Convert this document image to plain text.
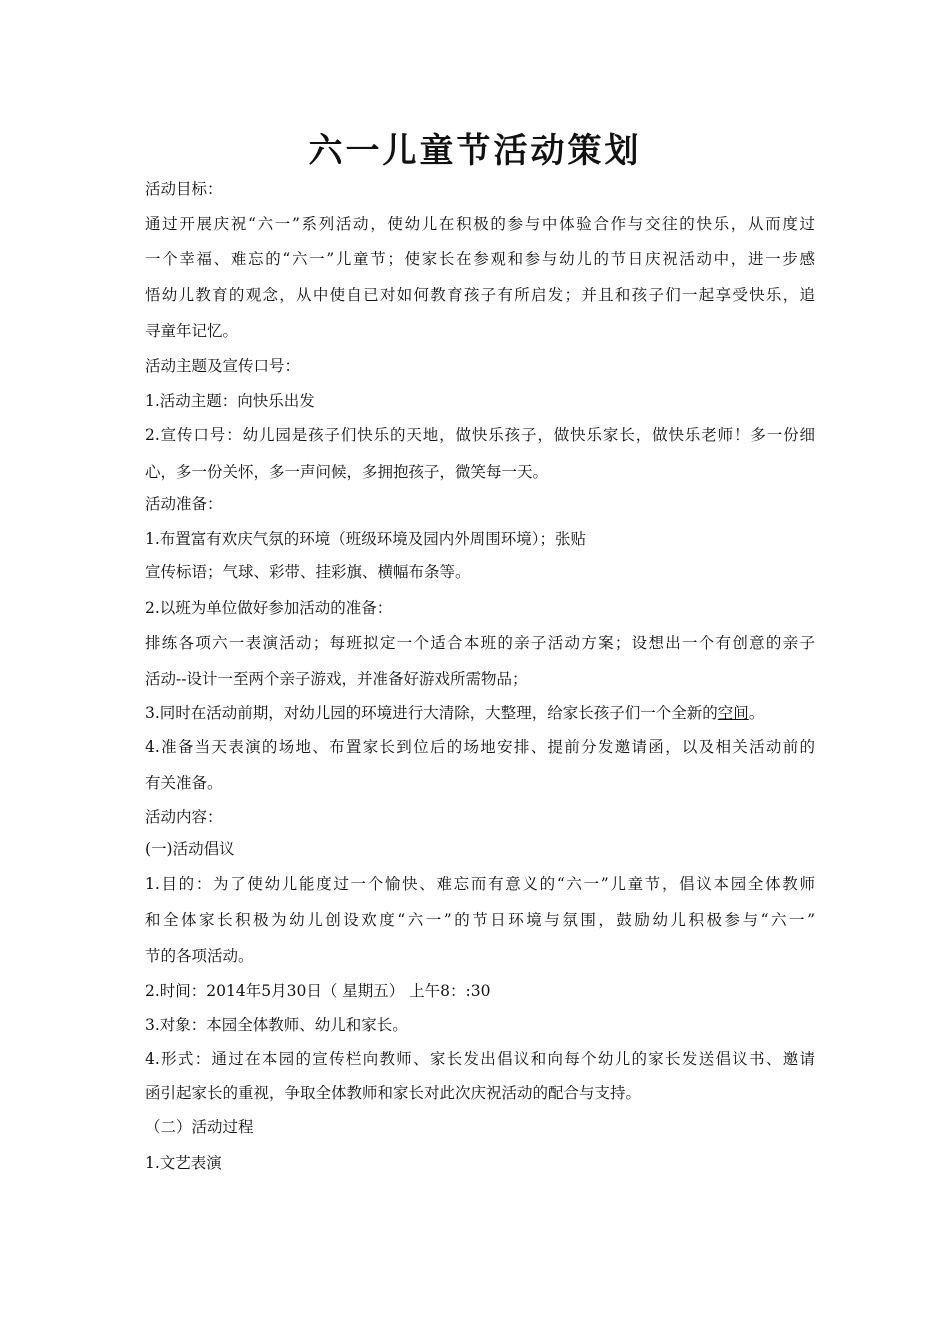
六一儿童节活动策划
活动目标：
通过开展庆祝“六一”系列活动，使幼儿在积极的参与中体验合作与交往的快乐，从而度过
一个幸福、难忘的“六一”儿童节；使家长在参观和参与幼儿的节日庆祝活动中，进一步感
悟幼儿教育的观念，从中使自已对如何教育孩子有所启发；并且和孩子们一起享受快乐，追
寻童年记忆。
活动主题及宣传口号：
1.活动主题：向快乐出发
2.宣传口号：幼儿园是孩子们快乐的天地，做快乐孩子，做快乐家长，做快乐老师！多一份细
心，多一份关怀，多一声问候，多拥抱孩子，微笑每一天。
活动准备：
1.布置富有欢庆气氛的环境（班级环境及园内外周围环境）；张贴
宣传标语；气球、彩带、挂彩旗、横幅布条等。
2.以班为单位做好参加活动的准备：
排练各项六一表演活动；每班拟定一个适合本班的亲子活动方案；设想出一个有创意的亲子
活动--设计一至两个亲子游戏，并准备好游戏所需物品；
3.同时在活动前期，对幼儿园的环境进行大清除，大整理，给家长孩子们一个全新的空间。
4.准备当天表演的场地、布置家长到位后的场地安排、提前分发邀请函，以及相关活动前的
有关准备。
活动内容：
(一)活动倡议
1.目的：为了使幼儿能度过一个愉快、难忘而有意义的“六一”儿童节，倡议本园全体教师
和全体家长积极为幼儿创设欢度“六一”的节日环境与氛围，鼓励幼儿积极参与“六一”
节的各项活动。
2.时间：2014年5月30日（ 星期五） 上午8：:30
3.对象：本园全体教师、幼儿和家长。
4.形式：通过在本园的宣传栏向教师、家长发出倡议和向每个幼儿的家长发送倡议书、邀请
函引起家长的重视，争取全体教师和家长对此次庆祝活动的配合与支持。
（二）活动过程
1.文艺表演
